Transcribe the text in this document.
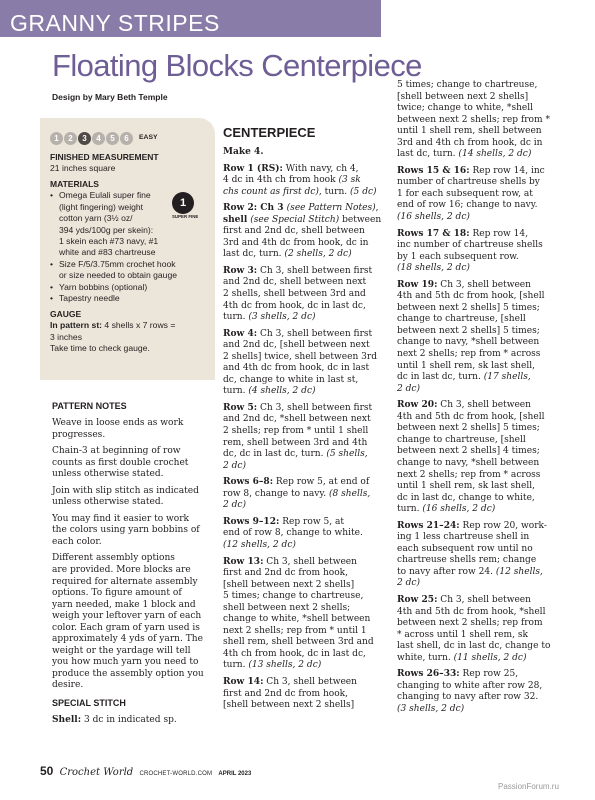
GRANNY STRIPES
Floating Blocks Centerpiece
Design by Mary Beth Temple
1	2	3	4	5	6	EASY
FINISHED MEASUREMENT
21 inches square
MATERIALS
• Omega Eulali super fine
(light fingering) weight
cotton yarn (3½ oz/
394 yds/100g per skein):
1 skein each #73 navy, #1
white and #83 chartreuse
• Size F/5/3.75mm crochet hook
or size needed to obtain gauge
• Yarn bobbins (optional)
• Tapestry needle
GAUGE
In pattern st: 4 shells x 7 rows =
3 inches
Take time to check gauge.
1
SUPER FINE
PATTERN NOTES

Weave in loose ends as work
progresses.

Chain-3 at beginning of row
counts as first double crochet
unless otherwise stated.

Join with slip stitch as indicated
unless otherwise stated.

You may find it easier to work
the colors using yarn bobbins of
each color.

Different assembly options
are provided. More blocks are
required for alternate assembly
options. To figure amount of
yarn needed, make 1 block and
weigh your leftover yarn of each
color. Each gram of yarn used is
approximately 4 yds of yarn. The
weight or the yardage will tell
you how much yarn you need to
produce the assembly option you
desire.

SPECIAL STITCH

Shell: 3 dc in indicated sp.

CENTERPIECE

Make 4.

Row 1 (RS): With navy, ch 4,
4 dc in 4th ch from hook (3 sk
chs count as first dc), turn. (5 dc)

Row 2: Ch 3 (see Pattern Notes),
shell (see Special Stitch) between
first and 2nd dc, shell between
3rd and 4th dc from hook, dc in
last dc, turn. (2 shells, 2 dc)

Row 3: Ch 3, shell between first
and 2nd dc, shell between next
2 shells, shell between 3rd and
4th dc from hook, dc in last dc,
turn. (3 shells, 2 dc)

Row 4: Ch 3, shell between first
and 2nd dc, [shell between next
2 shells] twice, shell between 3rd
and 4th dc from hook, dc in last
dc, change to white in last st,
turn. (4 shells, 2 dc)

Row 5: Ch 3, shell between first
and 2nd dc, *shell between next
2 shells; rep from * until 1 shell
rem, shell between 3rd and 4th
dc, dc in last dc, turn. (5 shells,
2 dc)

Rows 6–8: Rep row 5, at end of
row 8, change to navy. (8 shells,
2 dc)

Rows 9–12: Rep row 5, at
end of row 8, change to white.
(12 shells, 2 dc)

Row 13: Ch 3, shell between
first and 2nd dc from hook,
[shell between next 2 shells]
5 times; change to chartreuse,
shell between next 2 shells;
change to white, *shell between
next 2 shells; rep from * until 1
shell rem, shell between 3rd and
4th ch from hook, dc in last dc,
turn. (13 shells, 2 dc)

Row 14: Ch 3, shell between
first and 2nd dc from hook,
[shell between next 2 shells]

5 times; change to chartreuse,
[shell between next 2 shells]
twice; change to white, *shell
between next 2 shells; rep from *
until 1 shell rem, shell between
3rd and 4th ch from hook, dc in
last dc, turn. (14 shells, 2 dc)

Rows 15 & 16: Rep row 14, inc
number of chartreuse shells by
1 for each subsequent row, at
end of row 16; change to navy.
(16 shells, 2 dc)

Rows 17 & 18: Rep row 14,
inc number of chartreuse shells
by 1 each subsequent row.
(18 shells, 2 dc)

Row 19: Ch 3, shell between
4th and 5th dc from hook, [shell
between next 2 shells] 5 times;
change to chartreuse, [shell
between next 2 shells] 5 times;
change to navy, *shell between
next 2 shells; rep from * across
until 1 shell rem, sk last shell,
dc in last dc, turn. (17 shells,
2 dc)

Row 20: Ch 3, shell between
4th and 5th dc from hook, [shell
between next 2 shells] 5 times;
change to chartreuse, [shell
between next 2 shells] 4 times;
change to navy, *shell between
next 2 shells; rep from * across
until 1 shell rem, sk last shell,
dc in last dc, change to white,
turn. (16 shells, 2 dc)

Rows 21–24: Rep row 20, work-
ing 1 less chartreuse shell in
each subsequent row until no
chartreuse shells rem; change
to navy after row 24. (12 shells,
2 dc)

Row 25: Ch 3, shell between
4th and 5th dc from hook, *shell
between next 2 shells; rep from
* across until 1 shell rem, sk
last shell, dc in last dc, change to
white, turn. (11 shells, 2 dc)

Rows 26–33: Rep row 25,
changing to white after row 28,
changing to navy after row 32.
(3 shells, 2 dc)

50 Crochet World CROCHET-WORLD.COM APRIL 2023
PassionForum.ru
